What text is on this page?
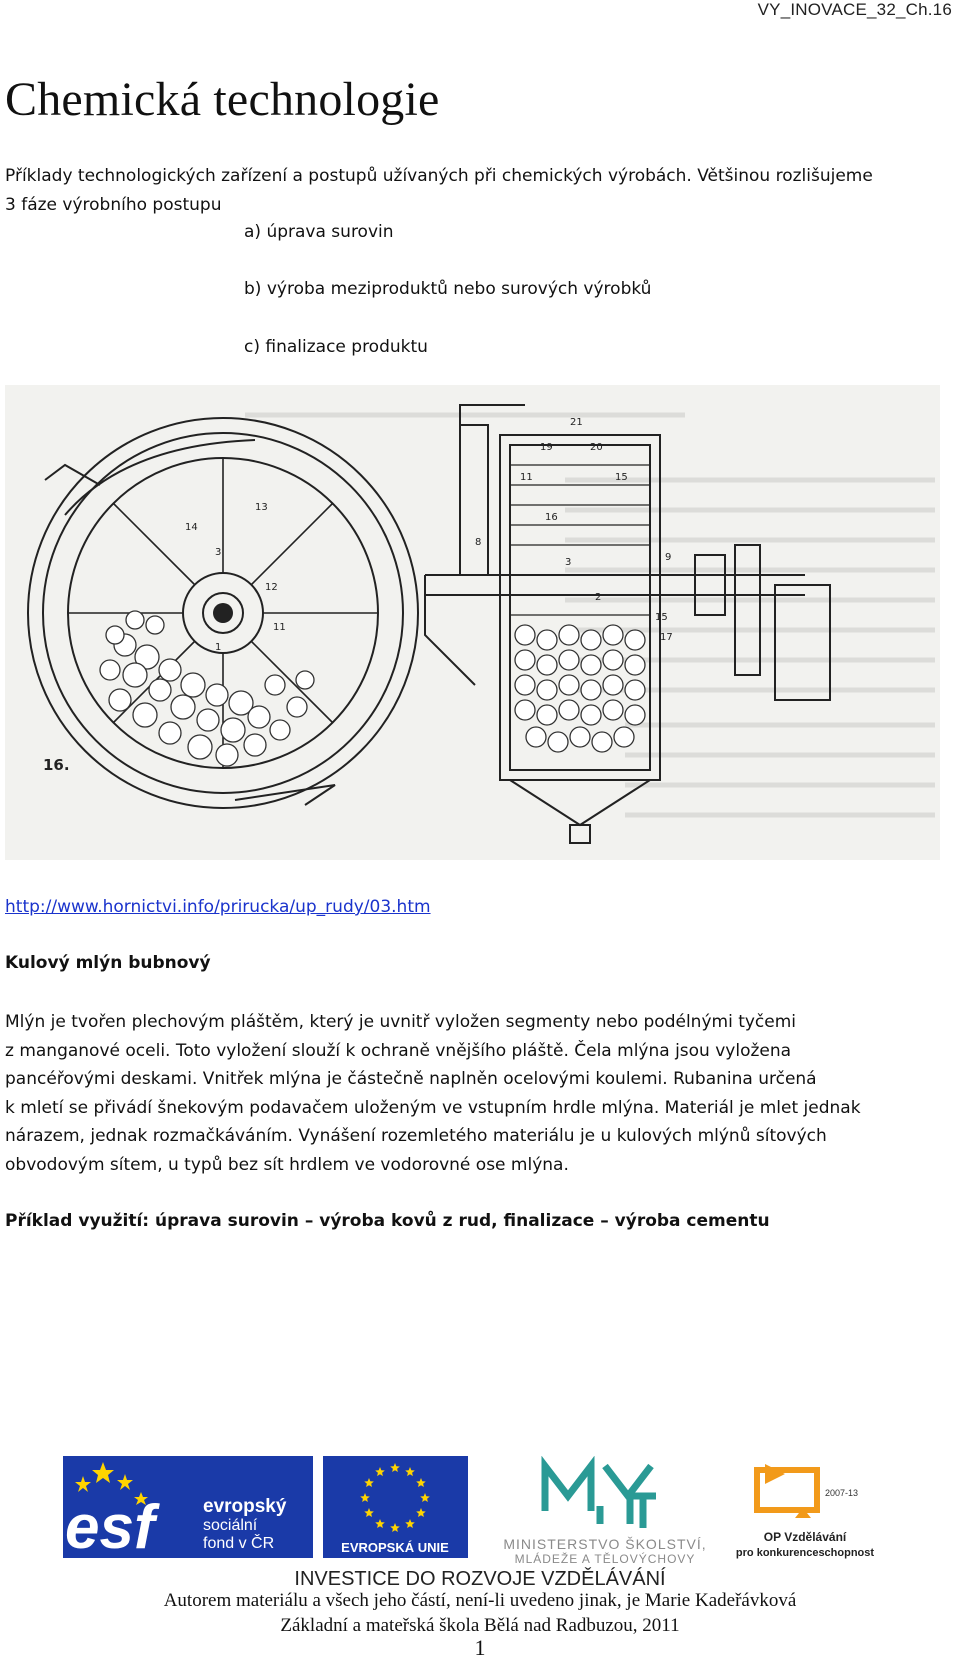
VY_INOVACE_32_Ch.16
Chemická technologie
Příklady technologických zařízení a postupů užívaných při chemických výrobách. Většinou rozlišujeme
3 fáze výrobního postupu
a) úprava surovin
b) výroba meziproduktů nebo surových výrobků
c) finalizace produktu
14
13
12
3
11
1
21
19	20
11	15
16
8
3
2
15
17
9
16.
http://www.hornictvi.info/prirucka/up_rudy/03.htm
Kulový mlýn bubnový
Mlýn je tvořen plechovým pláštěm, který je uvnitř vyložen segmenty nebo podélnými tyčemi
z manganové oceli. Toto vyložení slouží k ochraně vnějšího pláště. Čela mlýna jsou vyložena
pancéřovými deskami. Vnitřek mlýna je částečně naplněn ocelovými koulemi. Rubanina určená
k mletí se přivádí šnekovým podavačem uloženým ve vstupním hrdle mlýna. Materiál je mlet jednak
nárazem, jednak rozmačkáváním. Vynášení rozemletého materiálu je u kulových mlýnů sítových
obvodovým sítem, u typů bez sít hrdlem ve vodorovné ose mlýna.
Příklad využití: úprava surovin – výroba kovů z rud, finalizace – výroba cementu
esf	evropský
sociální
fond v ČR	EVROPSKÁ UNIE	MINISTERSTVO ŠKOLSTVÍ,
MLÁDEŽE A TĚLOVÝCHOVY
2007-13
OP Vzdělávání
pro konkurenceschopnost
INVESTICE DO ROZVOJE VZDĚLÁVÁNÍ
Autorem materiálu a všech jeho částí, není-li uvedeno jinak, je Marie Kadeřávková
Základní a mateřská škola Bělá nad Radbuzou, 2011
1
